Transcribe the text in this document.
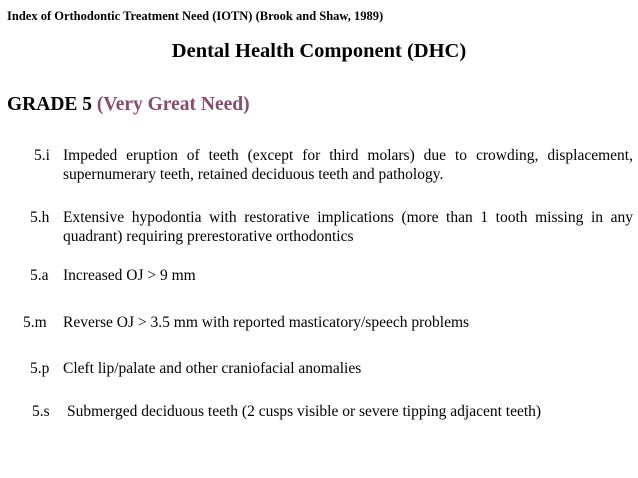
Index of Orthodontic Treatment Need (IOTN) (Brook and Shaw, 1989)
Dental Health Component (DHC)
GRADE 5 (Very Great Need)
5.i Impeded eruption of teeth (except for third molars) due to crowding, displacement, supernumerary teeth, retained deciduous teeth and pathology.
5.h Extensive hypodontia with restorative implications (more than 1 tooth missing in any quadrant) requiring prerestorative orthodontics
5.a Increased OJ > 9 mm
5.m Reverse OJ > 3.5 mm with reported masticatory/speech problems
5.p Cleft lip/palate and other craniofacial anomalies
5.s Submerged deciduous teeth (2 cusps visible or severe tipping adjacent teeth)
